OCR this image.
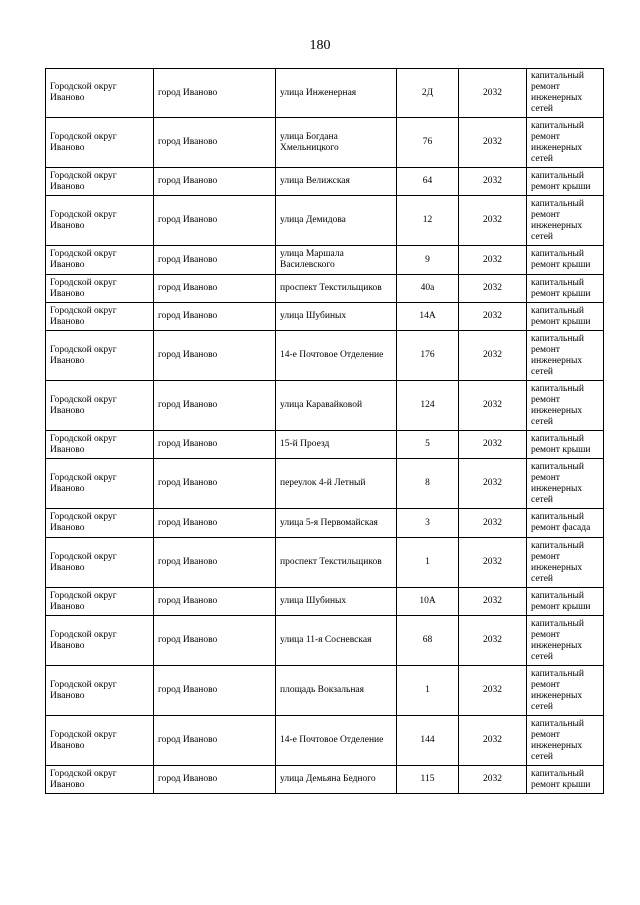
180
Городской округ Иваново	город Иваново	улица Инженерная	2Д	2032	капитальный ремонт инженерных сетей
Городской округ Иваново	город Иваново	улица Богдана Хмельницкого	76	2032	капитальный ремонт инженерных сетей
Городской округ Иваново	город Иваново	улица Велижская	64	2032	капитальный ремонт крыши
Городской округ Иваново	город Иваново	улица Демидова	12	2032	капитальный ремонт инженерных сетей
Городской округ Иваново	город Иваново	улица Маршала Василевского	9	2032	капитальный ремонт крыши
Городской округ Иваново	город Иваново	проспект Текстильщиков	40а	2032	капитальный ремонт крыши
Городской округ Иваново	город Иваново	улица Шубиных	14А	2032	капитальный ремонт крыши
Городской округ Иваново	город Иваново	14-е Почтовое Отделение	176	2032	капитальный ремонт инженерных сетей
Городской округ Иваново	город Иваново	улица Каравайковой	124	2032	капитальный ремонт инженерных сетей
Городской округ Иваново	город Иваново	15-й Проезд	5	2032	капитальный ремонт крыши
Городской округ Иваново	город Иваново	переулок 4-й Летный	8	2032	капитальный ремонт инженерных сетей
Городской округ Иваново	город Иваново	улица 5-я Первомайская	3	2032	капитальный ремонт фасада
Городской округ Иваново	город Иваново	проспект Текстильщиков	1	2032	капитальный ремонт инженерных сетей
Городской округ Иваново	город Иваново	улица Шубиных	10А	2032	капитальный ремонт крыши
Городской округ Иваново	город Иваново	улица 11-я Сосневская	68	2032	капитальный ремонт инженерных сетей
Городской округ Иваново	город Иваново	площадь Вокзальная	1	2032	капитальный ремонт инженерных сетей
Городской округ Иваново	город Иваново	14-е Почтовое Отделение	144	2032	капитальный ремонт инженерных сетей
Городской округ Иваново	город Иваново	улица Демьяна Бедного	115	2032	капитальный ремонт крыши
